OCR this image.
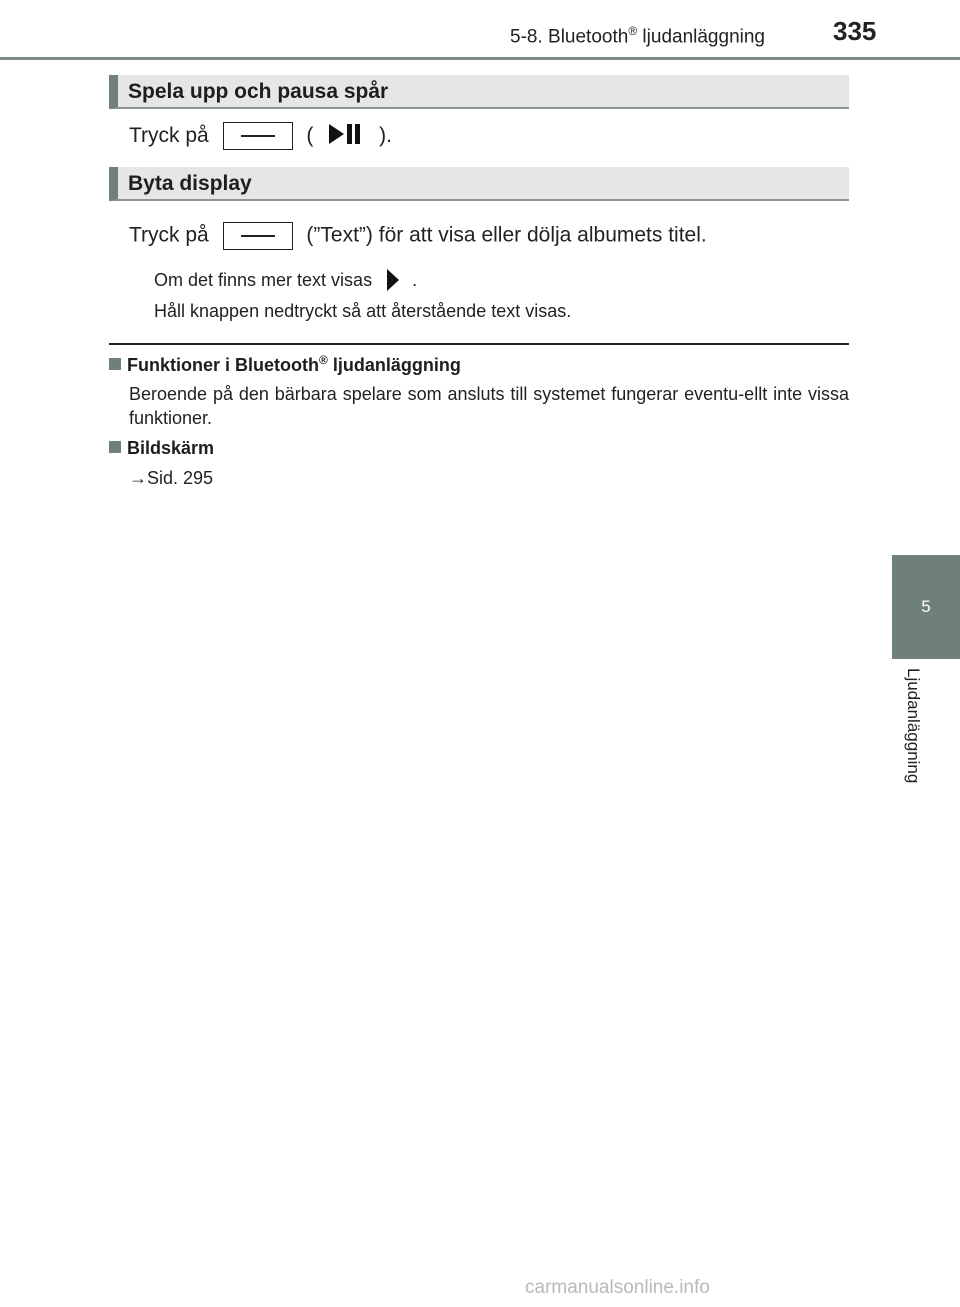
5-8. Bluetooth® ljudanläggning	335
5
Ljudanläggning
Spela upp och pausa spår
Tryck på	(	).
Byta display
Tryck på	(”Text”) för att visa eller dölja albumets titel.
Om det finns mer text visas .
Håll knappen nedtryckt så att återstående text visas.
Funktioner i Bluetooth® ljudanläggning
Beroende på den bärbara spelare som ansluts till systemet fungerar eventu-ellt inte vissa funktioner.
Bildskärm
→Sid. 295
carmanualsonline.info
